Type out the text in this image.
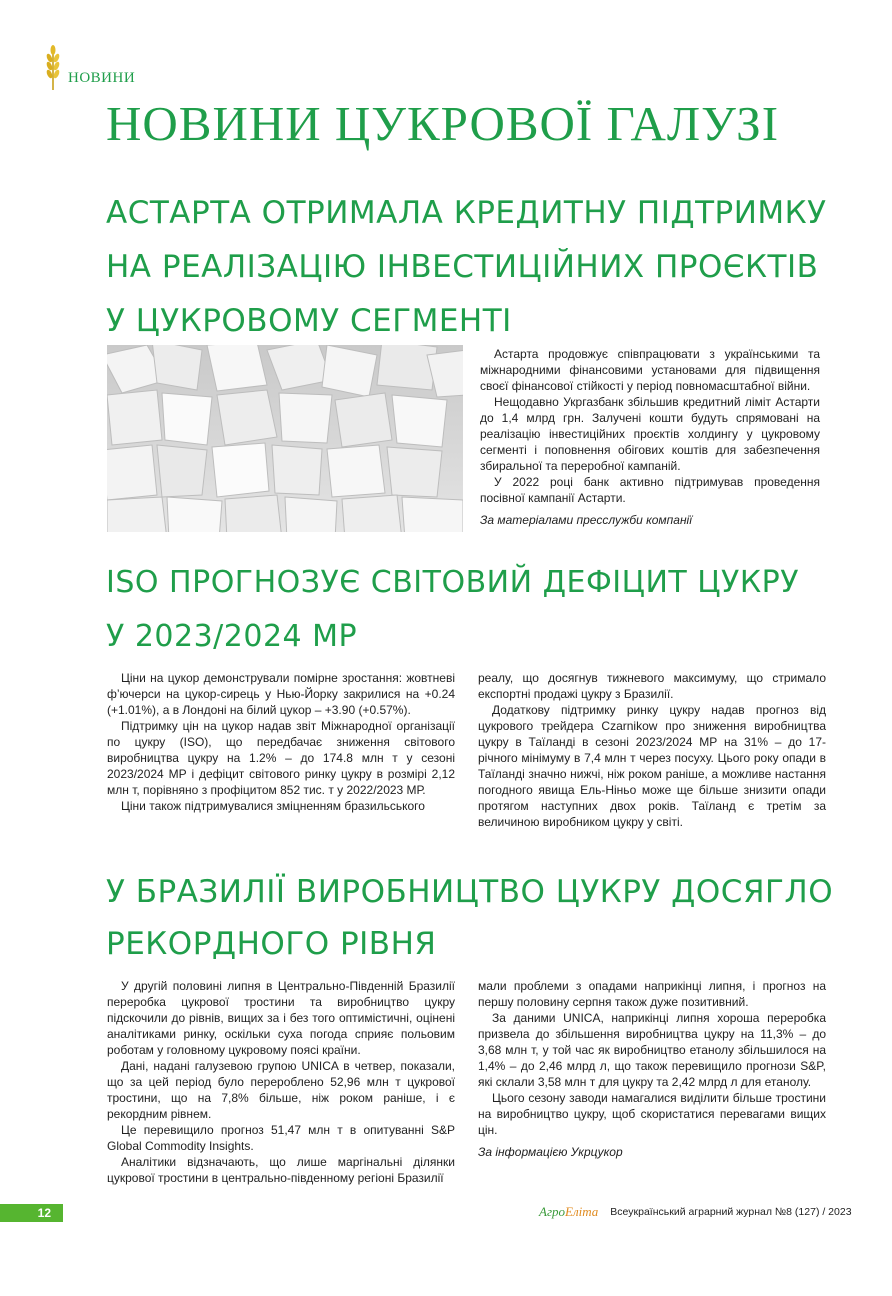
НОВИНИ
НОВИНИ ЦУКРОВОЇ ГАЛУЗІ
АСТАРТА ОТРИМАЛА КРЕДИТНУ ПІДТРИМКУ
НА РЕАЛІЗАЦІЮ ІНВЕСТИЦІЙНИХ ПРОЄКТІВ
У ЦУКРОВОМУ СЕГМЕНТІ

Астарта продовжує співпрацювати з українськими та міжнародними фінансовими установами для підвищення своєї фінансової стійкості у період повномасштабної війни.

Нещодавно Укргазбанк збільшив кредитний ліміт Астарти до 1,4 млрд грн. Залучені кошти будуть спрямовані на реалізацію інвестиційних проєктів холдингу у цукровому сегменті і поповнення обігових коштів для забезпечення збиральної та переробної кампаній.

У 2022 році банк активно підтримував проведення посівної кампанії Астарти.

За матеріалами пресслужби компанії

ISO ПРОГНОЗУЄ СВІТОВИЙ ДЕФІЦИТ ЦУКРУ
У 2023/2024 МР

Ціни на цукор демонстрували помірне зростання: жовтневі ф’ючерси на цукор-сирець у Нью-Йорку закрилися на +0.24 (+1.01%), а в Лондоні на білий цукор – +3.90 (+0.57%).

Підтримку цін на цукор надав звіт Міжнародної організації по цукру (ISO), що передбачає зниження світового виробництва цукру на 1.2% – до 174.8 млн т у сезоні 2023/2024 МР і дефіцит світового ринку цукру в розмірі 2,12 млн т, порівняно з профіцитом 852 тис. т у 2022/2023 МР.

Ціни також підтримувалися зміцненням бразильського

реалу, що досягнув тижневого максимуму, що стримало експортні продажі цукру з Бразилії.

Додаткову підтримку ринку цукру надав прогноз від цукрового трейдера Czarnikow про зниження виробництва цукру в Таїланді в сезоні 2023/2024 МР на 31% – до 17-річного мінімуму в 7,4 млн т через посуху. Цього року опади в Таїланді значно нижчі, ніж роком раніше, а можливе настання погодного явища Ель-Ніньо може ще більше знизити опади протягом наступних двох років. Таїланд є третім за величиною виробником цукру у світі.

У БРАЗИЛІЇ ВИРОБНИЦТВО ЦУКРУ ДОСЯГЛО
РЕКОРДНОГО РІВНЯ

У другій половині липня в Центрально-Південній Бразилії переробка цукрової тростини та виробництво цукру підскочили до рівнів, вищих за і без того оптимістичні, оцінені аналітиками ринку, оскільки суха погода сприяє польовим роботам у головному цукровому поясі країни.

Дані, надані галузевою групою UNICA в четвер, показали, що за цей період було перероблено 52,96 млн т цукрової тростини, що на 7,8% більше, ніж роком раніше, і є рекордним рівнем.

Це перевищило прогноз 51,47 млн т в опитуванні S&P Global Commodity Insights.

Аналітики відзначають, що лише маргінальні ділянки цукрової тростини в центрально-південному регіоні Бразилії

мали проблеми з опадами наприкінці липня, і прогноз на першу половину серпня також дуже позитивний.

За даними UNICA, наприкінці липня хороша переробка призвела до збільшення виробництва цукру на 11,3% – до 3,68 млн т, у той час як виробництво етанолу збільшилося на 1,4% – до 2,46 млрд л, що також перевищило прогнози S&P, які склали 3,58 млн т для цукру та 2,42 млрд л для етанолу.

Цього сезону заводи намагалися виділити більше тростини на виробництво цукру, щоб скористатися перевагами вищих цін.

За інформацією Укрцукор

12	АгроЕліта Всеукраїнський аграрний журнал №8 (127) / 2023
